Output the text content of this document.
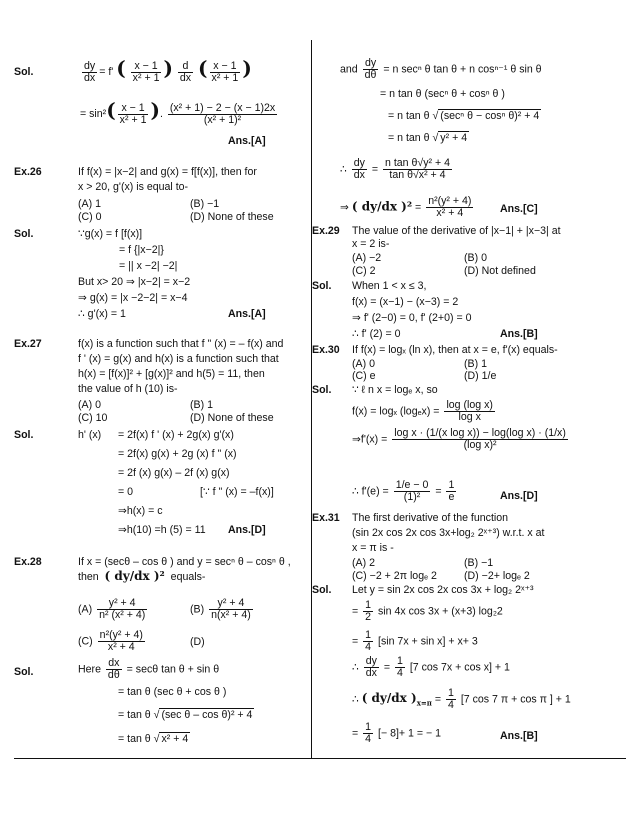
Sol.	$\frac{dy}{dx} = f'$ ( $\frac{x - 1}{\text{x² + 1}}$ ) $\frac{d}{dx}$ ( $\frac{x - 1}{\text{x² + 1}}$ )
= $\sin^2( \frac{x - 1}{\text{x² + 1}}$ ). $\frac{\text{(x² + 1) − 2 − (x − 1)2x}}{\text{(x² + 1)²}}$
Ans.[A]
Ex.26	If f(x) = |x−2| and g(x) = f[f(x)], then for
x > 20, g'(x) is equal to-
(A) 1	(B) −1
(C) 0	(D) None of these
Sol.	∵g(x) = f [f(x)]
= f {|x−2|}
= || x −2| −2|
But x> 20 ⇒ |x−2| = x−2
⇒ g(x) = |x −2−2| = x−4
∴ g'(x) = 1	Ans.[A]
Ex.27	f(x) is a function such that f " (x) = – f(x) and
f ' (x) = g(x) and h(x) is a function such that
h(x) = [f(x)]² + [g(x)]² and h(5) = 11, then
the value of h (10) is-
(A) 0	(B) 1
(C) 10	(D) None of these
Sol.	h' (x) = 2f(x) f ' (x) + 2g(x) g'(x)
= 2f(x) g(x) + 2g (x) f " (x)
= 2f (x) g(x) – 2f (x) g(x)
= 0	[∵ f " (x) = –f(x)]
⇒h(x) = c
⇒h(10) =h (5) = 11 Ans.[D]
Ex.28	If x = (secθ – cos θ ) and y = secⁿ θ – cosⁿ θ ,
then ( dy/dx )² equals-
$(A) \frac{\text{y² + 4}}{\text{n² (x² + 4)}}$	$(B) \frac{\text{y² + 4}}{\text{n(x² + 4)}}$
$(C) \frac{\text{n²(y² + 4)}}{\text{x² + 4}}$	(D)
Sol.	Here $\frac{dx}{d\theta} = \sec\theta$ tan θ + sin θ
= tan θ (sec θ + cos θ )
= tan θ √ (sec θ – cos θ)² + 4
= tan θ √ x² + 4
and $\frac{dy}{d\theta} = n$ secⁿ θ tan θ + n cosⁿ⁻¹ θ sin θ
= n tan θ (secⁿ θ + cosⁿ θ )
= n tan θ √ (secⁿ θ − cosⁿ θ)² + 4
= n tan θ √ y² + 4
∴ $\frac{dy}{dx} = \frac{\text{n tan θ√y² + 4}}{\text{tan θ√x² + 4}}$
⇒ ( dy/dx )$^2 = \frac{\text{n²(y² + 4)}}{\text{x² + 4}}$	Ans.[C]
Ex.29 The value of the derivative of |x−1| + |x−3| at
x = 2 is-
(A) −2	(B) 0
(C) 2	(D) Not defined
Sol. When 1 < x ≤ 3,
f(x) = (x−1) − (x−3) = 2
⇒ f' (2−0) = 0, f' (2+0) = 0
∴ f' (2) = 0	Ans.[B]
Ex.30 If f(x) = logₓ (ln x), then at x = e, f'(x) equals-
(A) 0	(B) 1
(C) e	(D) 1/e
Sol. ∵ ℓ n x = logₑ x, so
f(x) = logₓ $(\log_ex) = \frac{\text{log (log x)}}{\text{log x}}$
⇒f'(x) = $\frac{\text{log x · (1/(x log x)) − log(log x) · (1/x)}}{\text{(log x)²}}$
∴ $f'(e) = \frac{1/e - 0}{\text{(1)²}} = \frac{1}{e}$	Ans.[D]
Ex.31 The first derivative of the function
(sin 2x cos 2x cos 3x+log₂ 2ˣ⁺³) w.r.t. x at
x = π is -
(A) 2	(B) −1
(C) −2 + 2π logₑ 2	(D) −2+ logₑ 2
Sol. Let y = sin 2x cos 2x cos 3x + log₂ 2ˣ⁺³
= $\frac{1}{2}$ sin 4x cos 3x + (x+3) log₂2
= $\frac{1}{4} [\sin$ 7x + sin x] + x+ 3
∴ $\frac{dy}{dx} = \frac{1}{4} [7$ cos 7x + cos x] + 1
∴ ( dy/dx )$_{x=\pi} = \frac{1}{4} [7$ cos 7 π + cos π ] + 1
= $\frac{1}{4}$ [− 8]+ 1 = − 1	Ans.[B]
